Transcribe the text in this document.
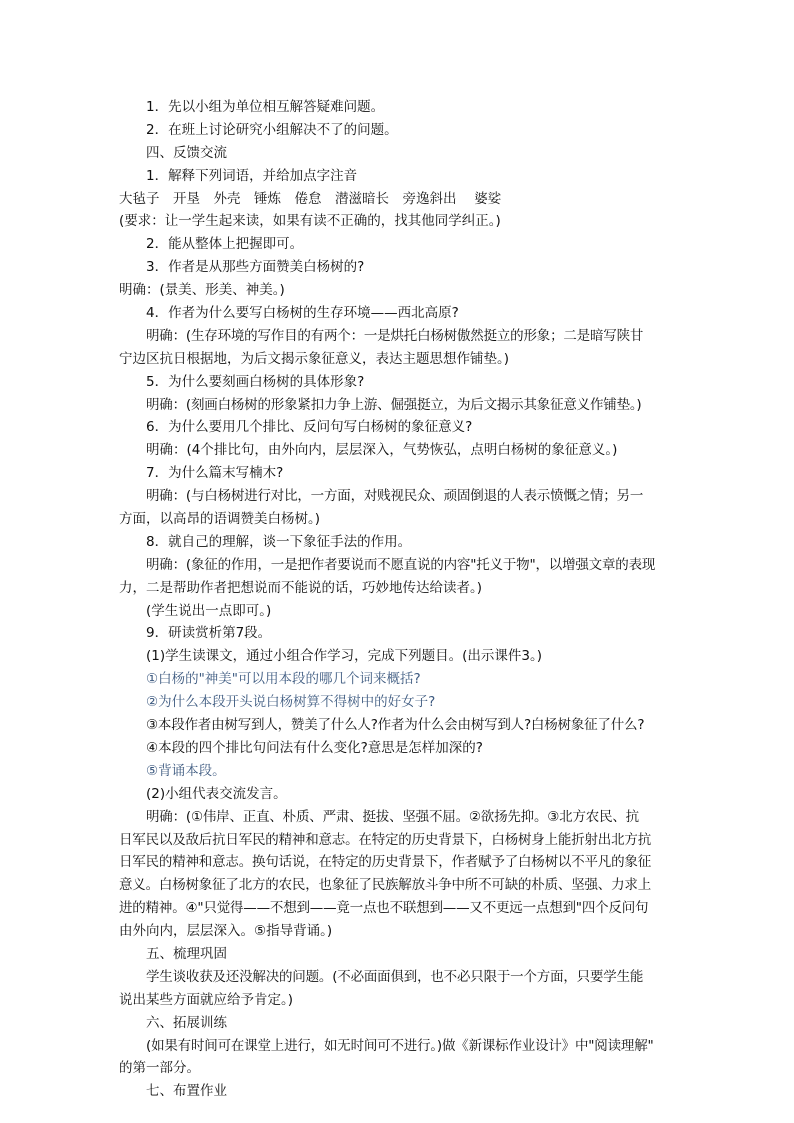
1．先以小组为单位相互解答疑难问题。

2．在班上讨论研究小组解决不了的问题。

四、反馈交流

1．解释下列词语，并给加点字注音

大毡子　开垦　外壳　锤炼　倦怠　潜滋暗长　旁逸斜出　 婆娑

(要求：让一学生起来读，如果有读不正确的，找其他同学纠正。)

2．能从整体上把握即可。

3．作者是从那些方面赞美白杨树的?

明确：(景美、形美、神美。)

4．作者为什么要写白杨树的生存环境——西北高原?

明确：(生存环境的写作目的有两个：一是烘托白杨树傲然挺立的形象；二是暗写陕甘

宁边区抗日根据地，为后文揭示象征意义，表达主题思想作铺垫。)

5．为什么要刻画白杨树的具体形象?

明确：(刻画白杨树的形象紧扣力争上游、倔强挺立，为后文揭示其象征意义作铺垫。)

6．为什么要用几个排比、反问句写白杨树的象征意义?

明确：(4个排比句，由外向内，层层深入，气势恢弘，点明白杨树的象征意义。)

7．为什么篇末写楠木?

明确：(与白杨树进行对比，一方面，对贱视民众、顽固倒退的人表示愤慨之情；另一

方面，以高昂的语调赞美白杨树。)

8．就自己的理解，谈一下象征手法的作用。

明确：(象征的作用，一是把作者要说而不愿直说的内容"托义于物"，以增强文章的表现

力，二是帮助作者把想说而不能说的话，巧妙地传达给读者。)

(学生说出一点即可。)

9．研读赏析第7段。

(1)学生读课文，通过小组合作学习，完成下列题目。(出示课件3。)

①白杨的"神美"可以用本段的哪几个词来概括?

②为什么本段开头说白杨树算不得树中的好女子?

③本段作者由树写到人，赞美了什么人?作者为什么会由树写到人?白杨树象征了什么?

④本段的四个排比句问法有什么变化?意思是怎样加深的?

⑤背诵本段。

(2)小组代表交流发言。

明确：(①伟岸、正直、朴质、严肃、挺拔、坚强不屈。②欲扬先抑。③北方农民、抗

日军民以及敌后抗日军民的精神和意志。在特定的历史背景下，白杨树身上能折射出北方抗

日军民的精神和意志。换句话说，在特定的历史背景下，作者赋予了白杨树以不平凡的象征

意义。白杨树象征了北方的农民，也象征了民族解放斗争中所不可缺的朴质、坚强、力求上

进的精神。④"只觉得——不想到——竟一点也不联想到——又不更远一点想到"四个反问句

由外向内，层层深入。⑤指导背诵。)

五、梳理巩固

学生谈收获及还没解决的问题。(不必面面俱到，也不必只限于一个方面，只要学生能

说出某些方面就应给予肯定。)

六、拓展训练

(如果有时间可在课堂上进行，如无时间可不进行。)做《新课标作业设计》中"阅读理解"

的第一部分。

七、布置作业
